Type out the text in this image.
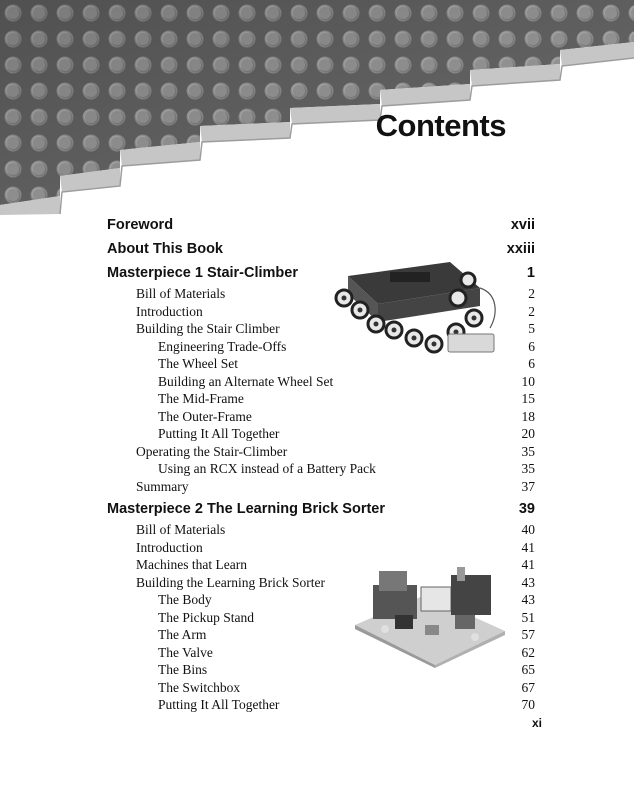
Contents
Foreword	xvii
About This Book	xxiii
Masterpiece 1 Stair-Climber	1
Bill of Materials	2
Introduction	2
Building the Stair Climber	5
Engineering Trade-Offs	6
The Wheel Set	6
Building an Alternate Wheel Set	10
The Mid-Frame	15
The Outer-Frame	18
Putting It All Together	20
Operating the Stair-Climber	35
Using an RCX instead of a Battery Pack	35
Summary	37
Masterpiece 2 The Learning Brick Sorter	39
Bill of Materials	40
Introduction	41
Machines that Learn	41
Building the Learning Brick Sorter	43
The Body	43
The Pickup Stand	51
The Arm	57
The Valve	62
The Bins	65
The Switchbox	67
Putting It All Together	70
xi
